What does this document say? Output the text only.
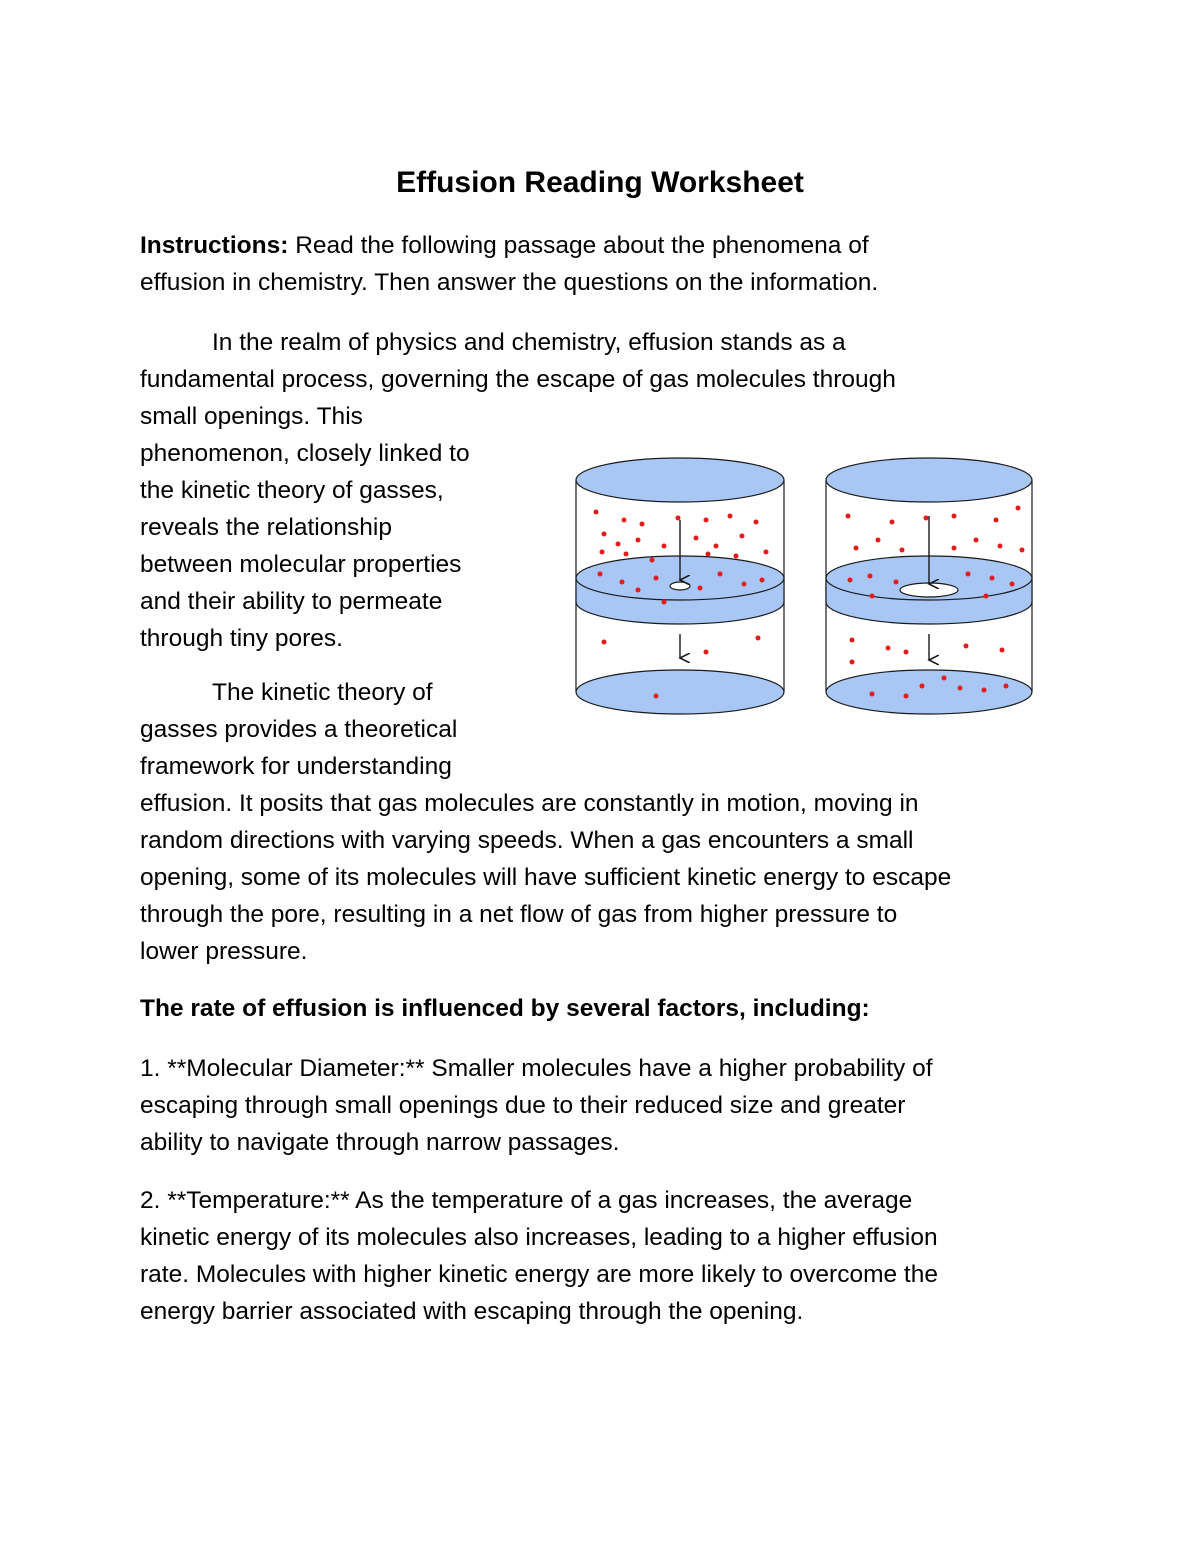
Effusion Reading Worksheet

Instructions: Read the following passage about the phenomena of
effusion in chemistry. Then answer the questions on the information.

In the realm of physics and chemistry, effusion stands as a
fundamental process, governing the escape of gas molecules through

small openings. This
phenomenon, closely linked to
the kinetic theory of gasses,
reveals the relationship
between molecular properties
and their ability to permeate
through tiny pores.

The kinetic theory of
gasses provides a theoretical
framework for understanding

effusion. It posits that gas molecules are constantly in motion, moving in
random directions with varying speeds. When a gas encounters a small
opening, some of its molecules will have sufficient kinetic energy to escape
through the pore, resulting in a net flow of gas from higher pressure to
lower pressure.

The rate of effusion is influenced by several factors, including:

1. **Molecular Diameter:** Smaller molecules have a higher probability of
escaping through small openings due to their reduced size and greater
ability to navigate through narrow passages.

2. **Temperature:** As the temperature of a gas increases, the average
kinetic energy of its molecules also increases, leading to a higher effusion
rate. Molecules with higher kinetic energy are more likely to overcome the
energy barrier associated with escaping through the opening.
